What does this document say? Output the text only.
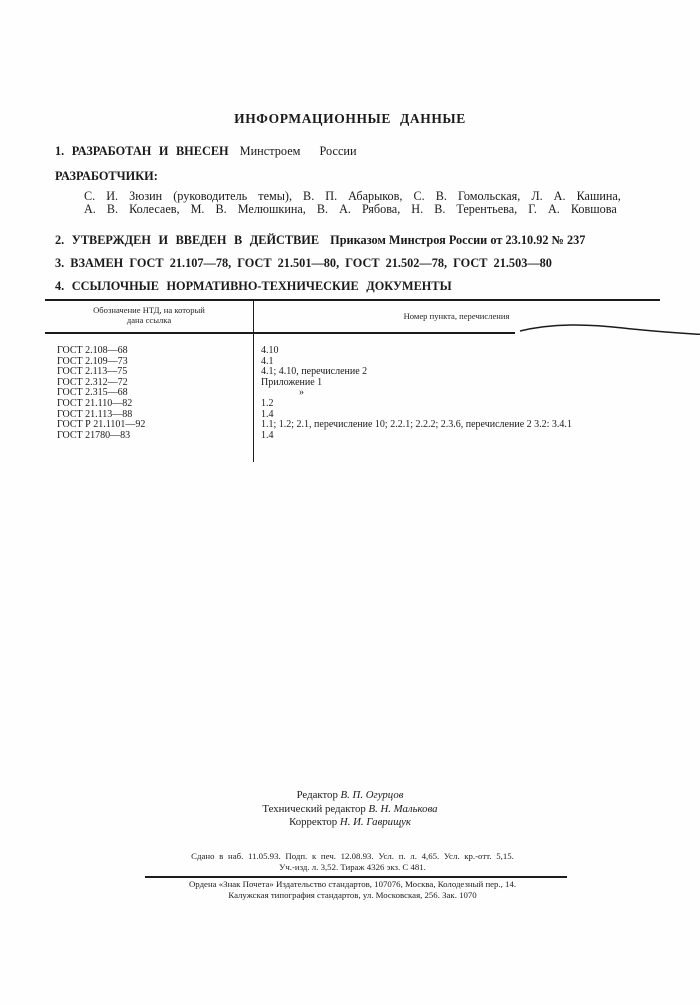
ИНФОРМАЦИОННЫЕ ДАННЫЕ
1. РАЗРАБОТАН И ВНЕСЕН Минстроем России
РАЗРАБОТЧИКИ:
С. И. Зюзин (руководитель темы), В. П. Абарыков, С. В. Гомольская, Л. А. Кашина,
А. В. Колесаев, М. В. Мелюшкина, В. А. Рябова, Н. В. Терентьева, Г. А. Ковшова
2. УТВЕРЖДЕН И ВВЕДЕН В ДЕЙСТВИЕ Приказом Минстроя России от 23.10.92 № 237
3. ВЗАМЕН ГОСТ 21.107—78, ГОСТ 21.501—80, ГОСТ 21.502—78, ГОСТ 21.503—80
4. ССЫЛОЧНЫЕ НОРМАТИВНО-ТЕХНИЧЕСКИЕ ДОКУМЕНТЫ
Обозначение НТД, на который дана ссылка	Номер пункта, перечисления
ГОСТ 2.108—68	4.10
ГОСТ 2.109—73	4.1
ГОСТ 2.113—75	4.1; 4.10, перечисление 2
ГОСТ 2.312—72	Приложение 1
ГОСТ 2.315—68	»
ГОСТ 21.110—82	1.2
ГОСТ 21.113—88	1.4
ГОСТ Р 21.1101—92	1.1; 1.2; 2.1, перечисление 10; 2.2.1; 2.2.2; 2.3.6, перечисление 2 3.2: 3.4.1
ГОСТ 21780—83	1.4
Редактор В. П. Огурцов
Технический редактор В. Н. Малькова
Корректор Н. И. Гаврищук
Сдано в наб. 11.05.93. Подп. к печ. 12.08.93. Усл. п. л. 4,65. Усл. кр.-отт. 5,15.
Уч.-изд. л. 3,52. Тираж 4326 экз. С 481.
Ордена «Знак Почета» Издательство стандартов, 107076, Москва, Колодезный пер., 14.
Калужская типография стандартов, ул. Московская, 256. Зак. 1070
